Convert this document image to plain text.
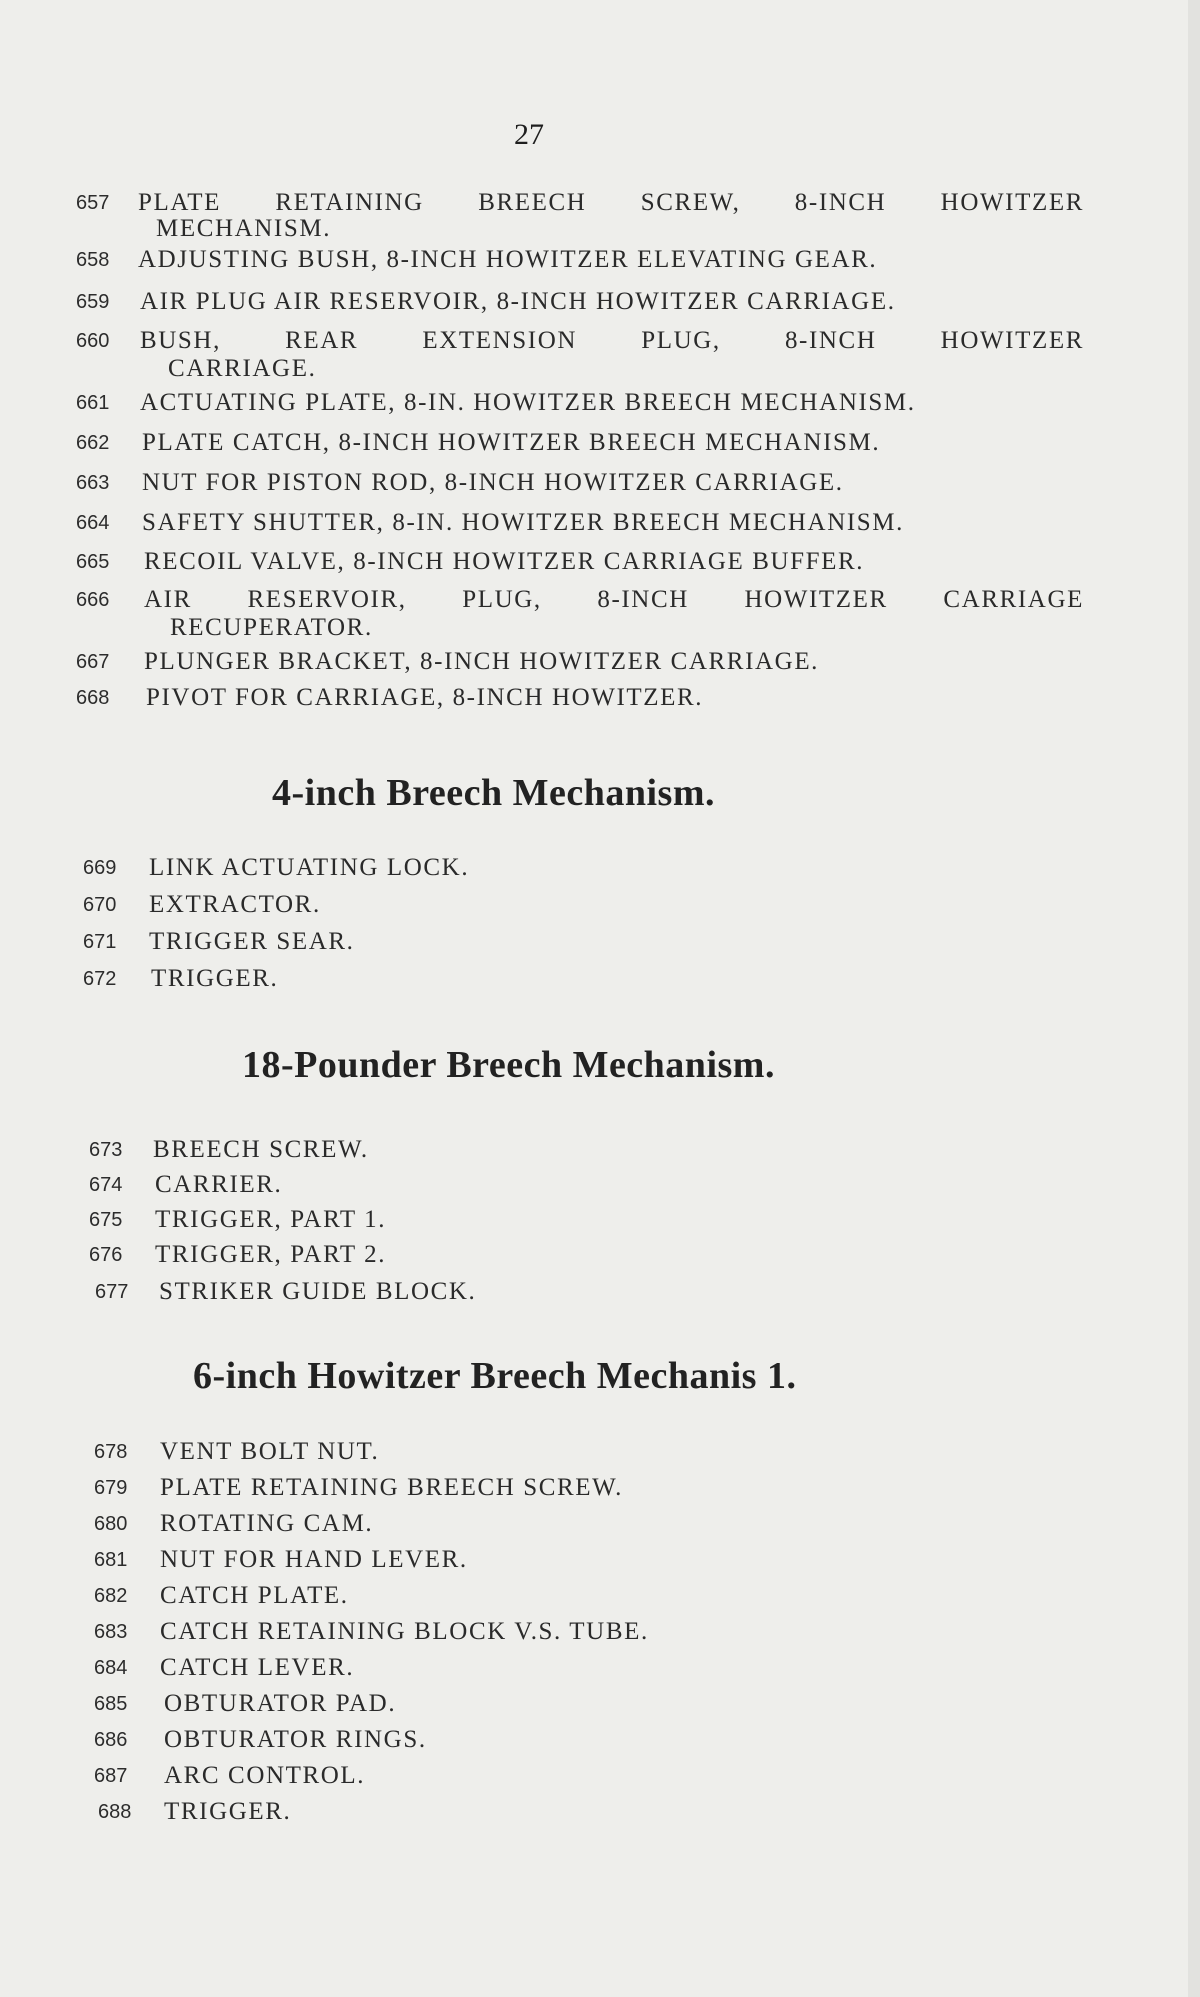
27
657 PLATE RETAINING BREECH SCREW, 8-INCH HOWITZER
MECHANISM.
658 ADJUSTING BUSH, 8-INCH HOWITZER ELEVATING GEAR.
659 AIR PLUG AIR RESERVOIR, 8-INCH HOWITZER CARRIAGE.
660 BUSH, REAR EXTENSION PLUG, 8-INCH HOWITZER
CARRIAGE.
661 ACTUATING PLATE, 8-IN. HOWITZER BREECH MECHANISM.
662 PLATE CATCH, 8-INCH HOWITZER BREECH MECHANISM.
663 NUT FOR PISTON ROD, 8-INCH HOWITZER CARRIAGE.
664 SAFETY SHUTTER, 8-IN. HOWITZER BREECH MECHANISM.
665 RECOIL VALVE, 8-INCH HOWITZER CARRIAGE BUFFER.
666 AIR RESERVOIR, PLUG, 8-INCH HOWITZER CARRIAGE
RECUPERATOR.
667 PLUNGER BRACKET, 8-INCH HOWITZER CARRIAGE.
668 PIVOT FOR CARRIAGE, 8-INCH HOWITZER.
4-inch Breech Mechanism.
669 LINK ACTUATING LOCK.
670 EXTRACTOR.
671 TRIGGER SEAR.
672 TRIGGER.
18-Pounder Breech Mechanism.
673 BREECH SCREW.
674 CARRIER.
675 TRIGGER, PART 1.
676 TRIGGER, PART 2.
677 STRIKER GUIDE BLOCK.
6-inch Howitzer Breech Mechanis 1.
678 VENT BOLT NUT.
679 PLATE RETAINING BREECH SCREW.
680 ROTATING CAM.
681 NUT FOR HAND LEVER.
682 CATCH PLATE.
683 CATCH RETAINING BLOCK V.S. TUBE.
684 CATCH LEVER.
685 OBTURATOR PAD.
686 OBTURATOR RINGS.
687 ARC CONTROL.
688 TRIGGER.
